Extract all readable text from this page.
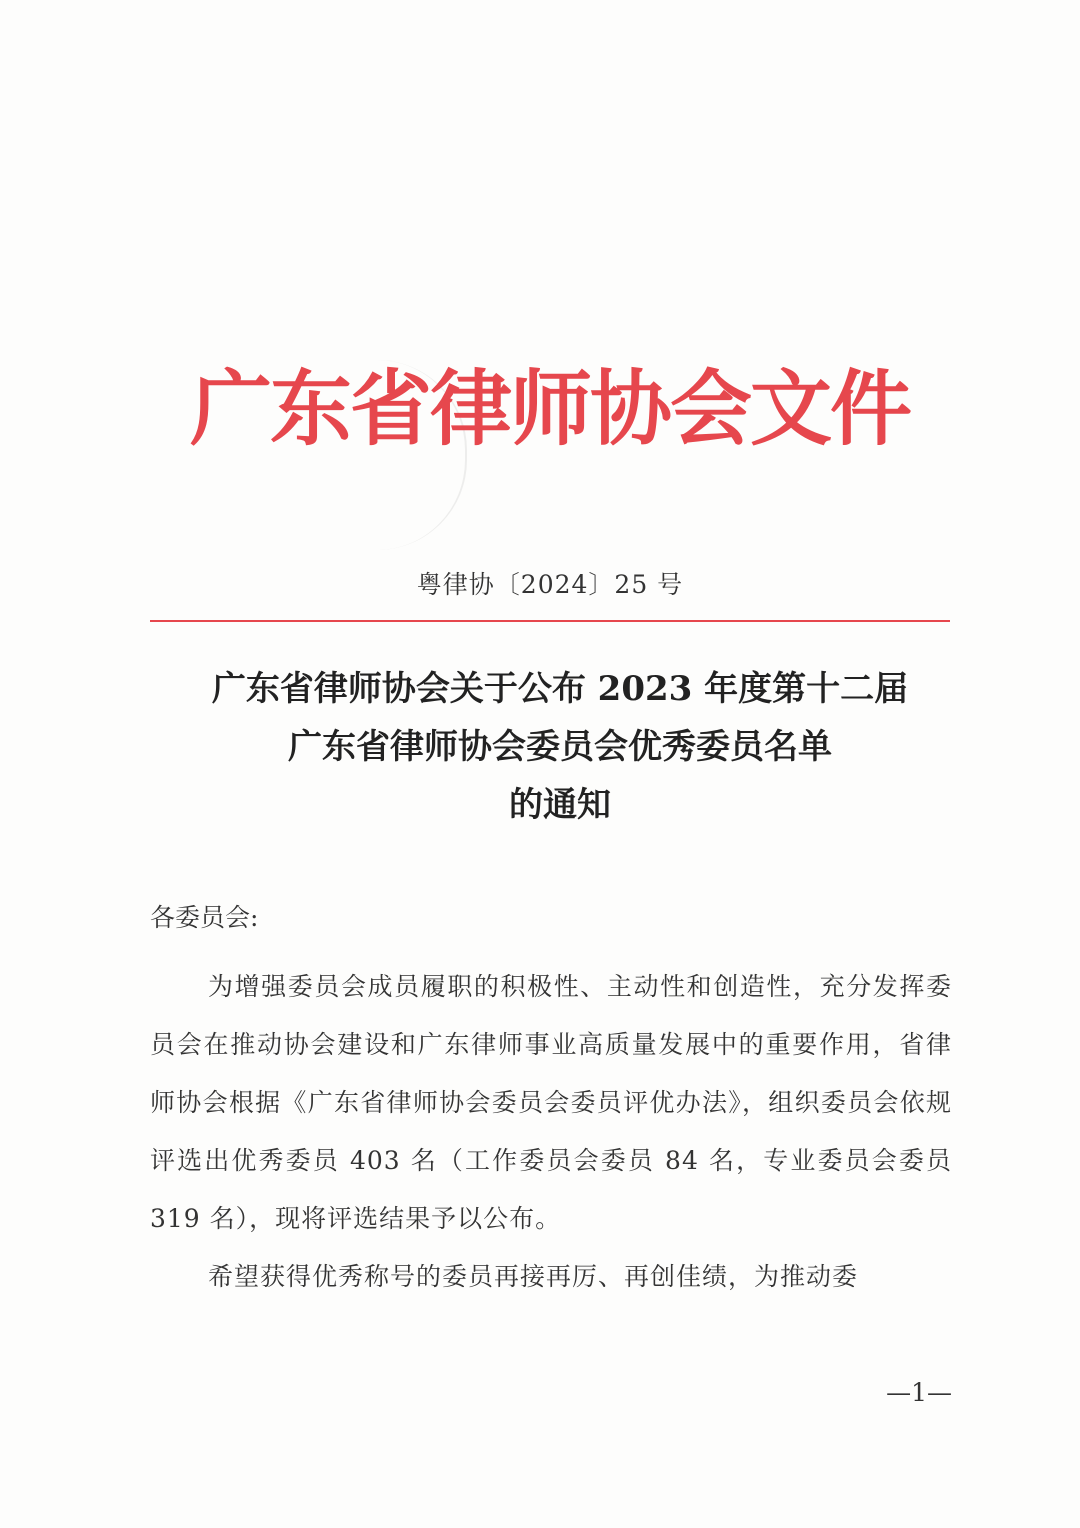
广东省律师协会文件
粤律协〔2024〕25 号
广东省律师协会关于公布 2023 年度第十二届
广东省律师协会委员会优秀委员名单
的通知
各委员会:

为增强委员会成员履职的积极性、主动性和创造性，充分发挥委员会在推动协会建设和广东律师事业高质量发展中的重要作用，省律师协会根据《广东省律师协会委员会委员评优办法》，组织委员会依规评选出优秀委员 403 名（工作委员会委员 84 名，专业委员会委员 319 名），现将评选结果予以公布。

希望获得优秀称号的委员再接再厉、再创佳绩，为推动委

—1—
